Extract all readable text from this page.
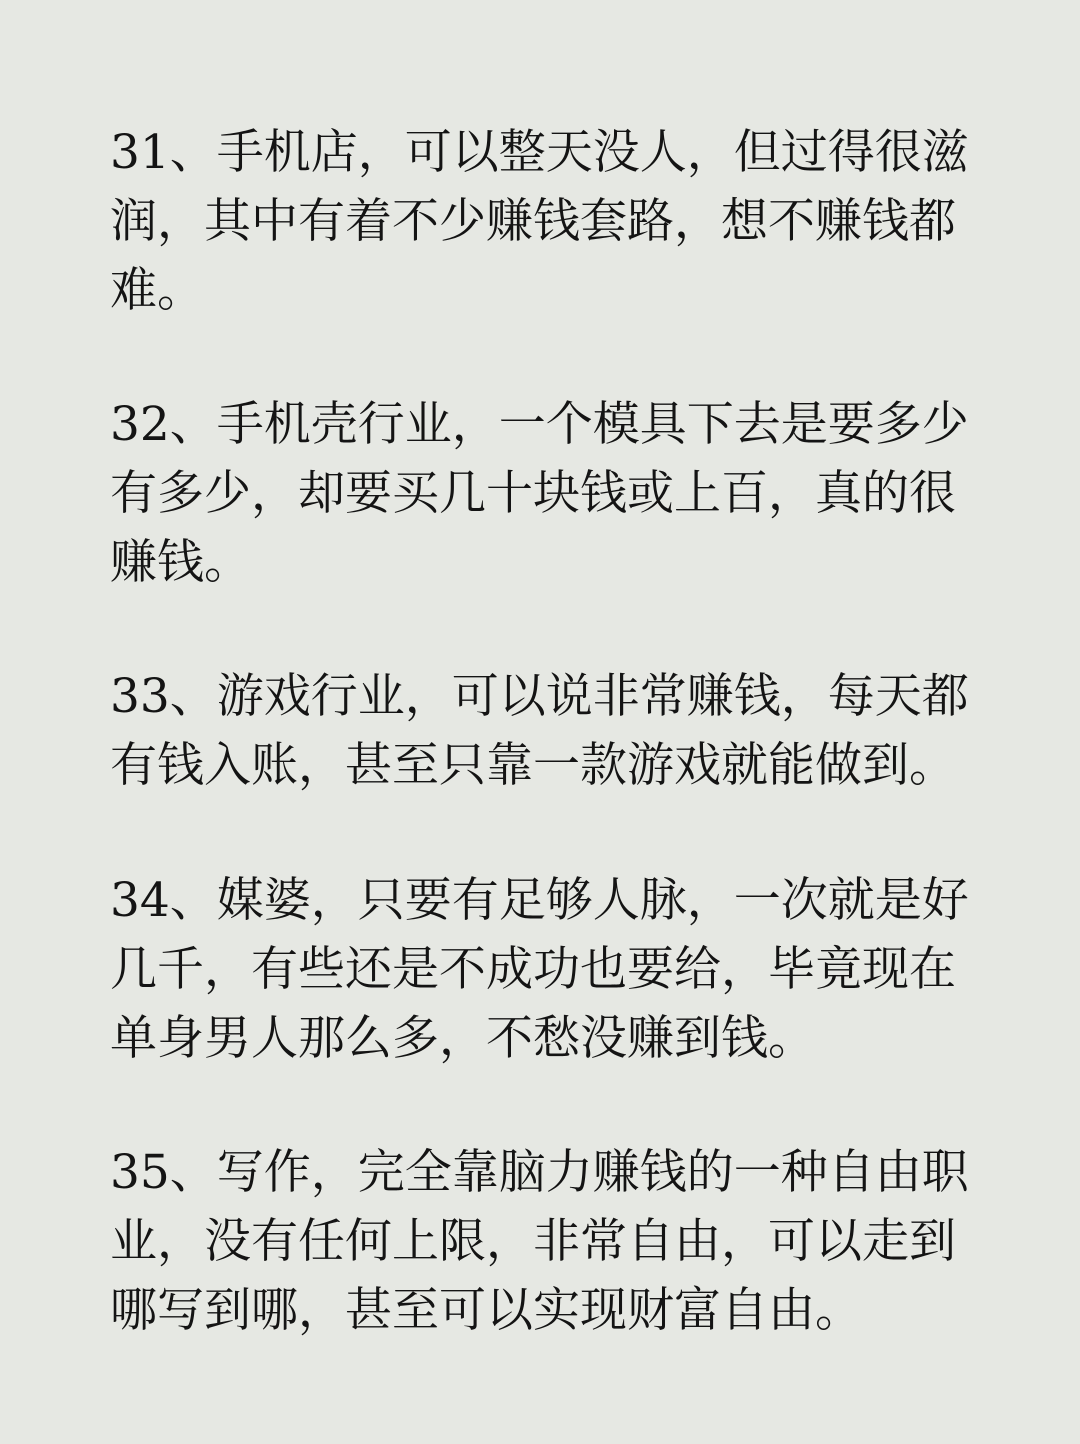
31、手机店，可以整天没人，但过得很滋润，其中有着不少赚钱套路，想不赚钱都难。

32、手机壳行业，一个模具下去是要多少有多少，却要买几十块钱或上百，真的很赚钱。

33、游戏行业，可以说非常赚钱，每天都有钱入账，甚至只靠一款游戏就能做到。

34、媒婆，只要有足够人脉，一次就是好几千，有些还是不成功也要给，毕竟现在单身男人那么多，不愁没赚到钱。

35、写作，完全靠脑力赚钱的一种自由职业，没有任何上限，非常自由，可以走到哪写到哪，甚至可以实现财富自由。
